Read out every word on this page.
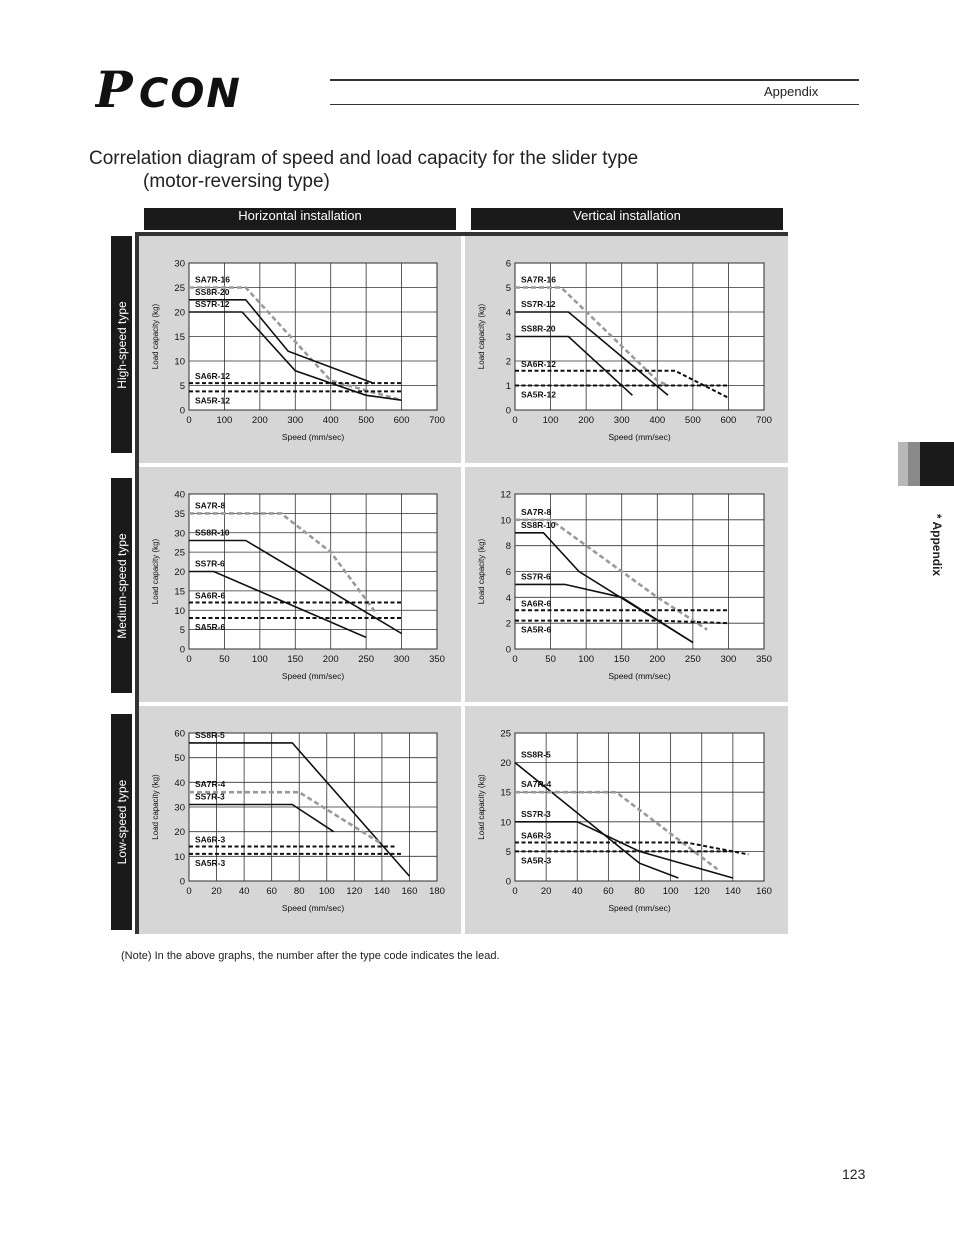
P CON	Appendix
Correlation diagram of speed and load capacity for the slider type
(motor-reversing type)
Horizontal installation	Vertical installation
High-speed type
Medium-speed type
Low-speed type
0	100 200 300 400 500 600 700
0
5
10
15
20
25
30
Speed (mm/sec)
Load capacity (kg)
SA7R-16
SS7R-12
SS8R-20
SA6R-12
SA5R-12
0	100 200 300 400 500 600 700
0
1
2
3
4
5
6
Speed (mm/sec)
Load capacity (kg)
SA7R-16
SS7R-12
SS8R-20
SA6R-12
SA5R-12
0	50 100 150 200 250 300 350
0
5
10
15
20
25
30
35
40
Speed (mm/sec)
Load capacity (kg)
SA7R-8
SS8R-10
SS7R-6
SA6R-6
SA5R-6
0	50 100 150 200 250 300 350
0
2
4
6
8
10
12
Speed (mm/sec)
Load capacity (kg)
SA7R-8
SS8R-10
SS7R-6
SA6R-6
SA5R-6
0 20 40 60 80 100 120 140 160 180
0
10
20
30
40
50
60
Speed (mm/sec)
Load capacity (kg)
SS8R-5
SA7R-4
SS7R-3
SA6R-3
SA5R-3
0 20 40 60 80 100 120 140 160
0
5
10
15
20
25
Speed (mm/sec)
Load capacity (kg)
SS8R-5
SA7R-4
SS7R-3
SA6R-3
SA5R-3
* Appendix
(Note) In the above graphs, the number after the type code indicates the lead.
123
